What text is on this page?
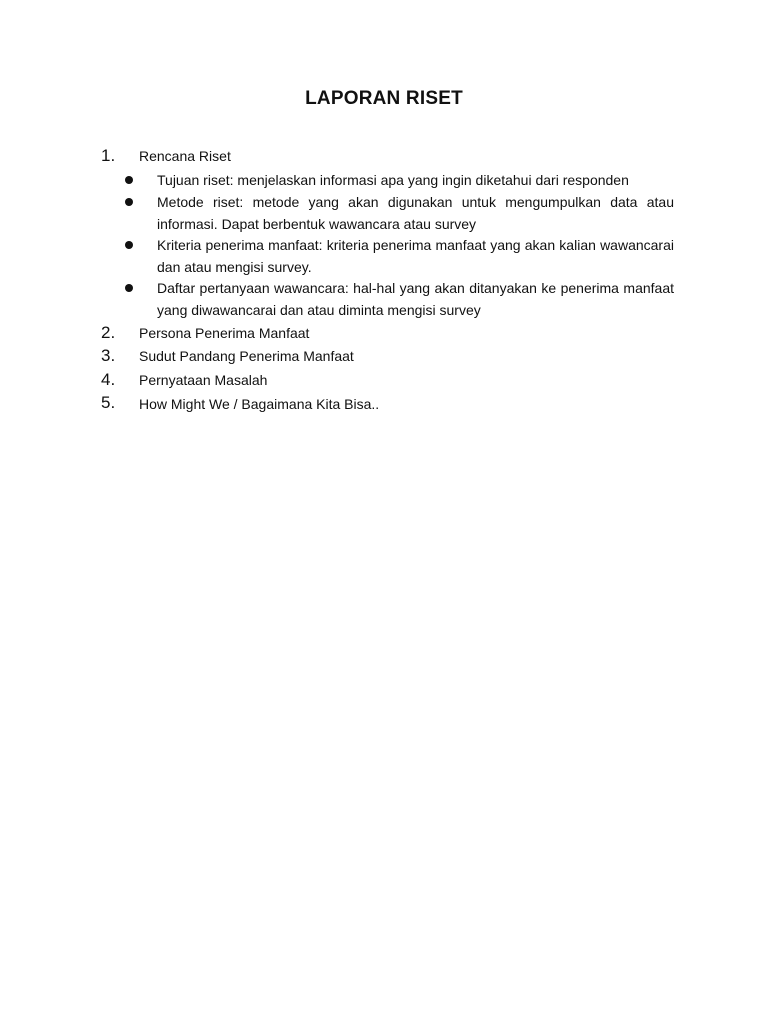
LAPORAN RISET
1.	Rencana Riset
Tujuan riset: menjelaskan informasi apa yang ingin diketahui dari responden
Metode riset: metode yang akan digunakan untuk mengumpulkan data atau informasi. Dapat berbentuk wawancara atau survey
Kriteria penerima manfaat: kriteria penerima manfaat yang akan kalian wawancarai dan atau mengisi survey.
Daftar pertanyaan wawancara: hal-hal yang akan ditanyakan ke penerima manfaat yang diwawancarai dan atau diminta mengisi survey
2.	Persona Penerima Manfaat
3.	Sudut Pandang Penerima Manfaat
4.	Pernyataan Masalah
5.	How Might We / Bagaimana Kita Bisa..
